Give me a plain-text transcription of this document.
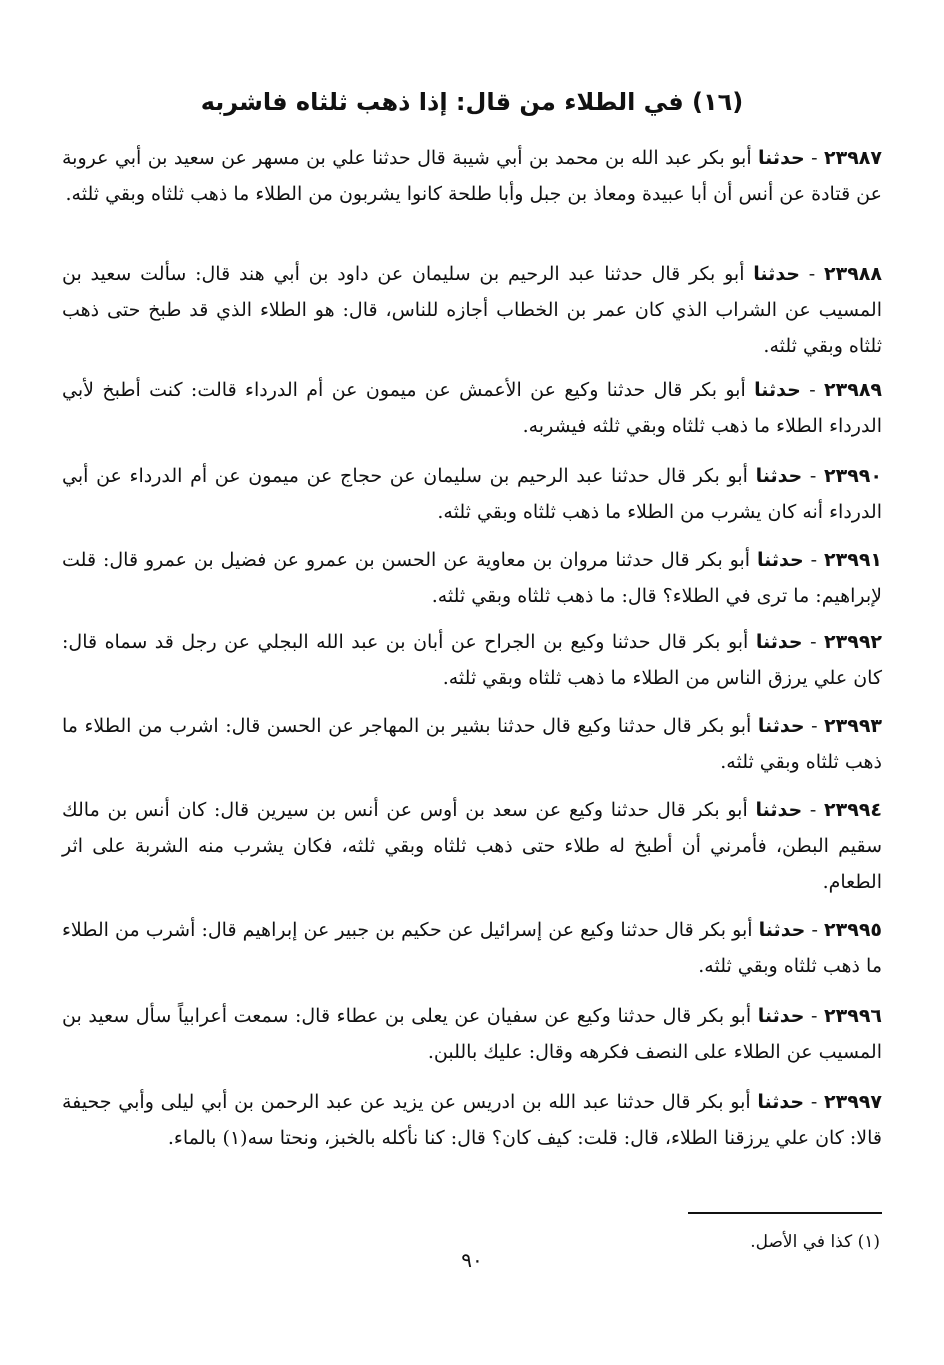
(١٦) في الطلاء من قال: إذا ذهب ثلثاه فاشربه
٢٣٩٨٧ - حدثنا أبو بكر عبد الله بن محمد بن أبي شيبة قال حدثنا علي بن مسهر عن سعيد بن أبي عروبة عن قتادة عن أنس أن أبا عبيدة ومعاذ بن جبل وأبا طلحة كانوا يشربون من الطلاء ما ذهب ثلثاه وبقي ثلثه.
٢٣٩٨٨ - حدثنا أبو بكر قال حدثنا عبد الرحيم بن سليمان عن داود بن أبي هند قال: سألت سعيد بن المسيب عن الشراب الذي كان عمر بن الخطاب أجازه للناس، قال: هو الطلاء الذي قد طبخ حتى ذهب ثلثاه وبقي ثلثه.
٢٣٩٨٩ - حدثنا أبو بكر قال حدثنا وكيع عن الأعمش عن ميمون عن أم الدرداء قالت: كنت أطبخ لأبي الدرداء الطلاء ما ذهب ثلثاه وبقي ثلثه فيشربه.
٢٣٩٩٠ - حدثنا أبو بكر قال حدثنا عبد الرحيم بن سليمان عن حجاج عن ميمون عن أم الدرداء عن أبي الدرداء أنه كان يشرب من الطلاء ما ذهب ثلثاه وبقي ثلثه.
٢٣٩٩١ - حدثنا أبو بكر قال حدثنا مروان بن معاوية عن الحسن بن عمرو عن فضيل بن عمرو قال: قلت لإبراهيم: ما ترى في الطلاء؟ قال: ما ذهب ثلثاه وبقي ثلثه.
٢٣٩٩٢ - حدثنا أبو بكر قال حدثنا وكيع بن الجراح عن أبان بن عبد الله البجلي عن رجل قد سماه قال: كان علي يرزق الناس من الطلاء ما ذهب ثلثاه وبقي ثلثه.
٢٣٩٩٣ - حدثنا أبو بكر قال حدثنا وكيع قال حدثنا بشير بن المهاجر عن الحسن قال: اشرب من الطلاء ما ذهب ثلثاه وبقي ثلثه.
٢٣٩٩٤ - حدثنا أبو بكر قال حدثنا وكيع عن سعد بن أوس عن أنس بن سيرين قال: كان أنس بن مالك سقيم البطن، فأمرني أن أطبخ له طلاء حتى ذهب ثلثاه وبقي ثلثه، فكان يشرب منه الشربة على اثر الطعام.
٢٣٩٩٥ - حدثنا أبو بكر قال حدثنا وكيع عن إسرائيل عن حكيم بن جبير عن إبراهيم قال: أشرب من الطلاء ما ذهب ثلثاه وبقي ثلثه.
٢٣٩٩٦ - حدثنا أبو بكر قال حدثنا وكيع عن سفيان عن يعلى بن عطاء قال: سمعت أعرابياً سأل سعيد بن المسيب عن الطلاء على النصف فكرهه وقال: عليك باللبن.
٢٣٩٩٧ - حدثنا أبو بكر قال حدثنا عبد الله بن ادريس عن يزيد عن عبد الرحمن بن أبي ليلى وأبي جحيفة قالا: كان علي يرزقنا الطلاء، قال: قلت: كيف كان؟ قال: كنا نأكله بالخبز، ونحتا سه(١) بالماء.
(١) كذا في الأصل.
٩٠
